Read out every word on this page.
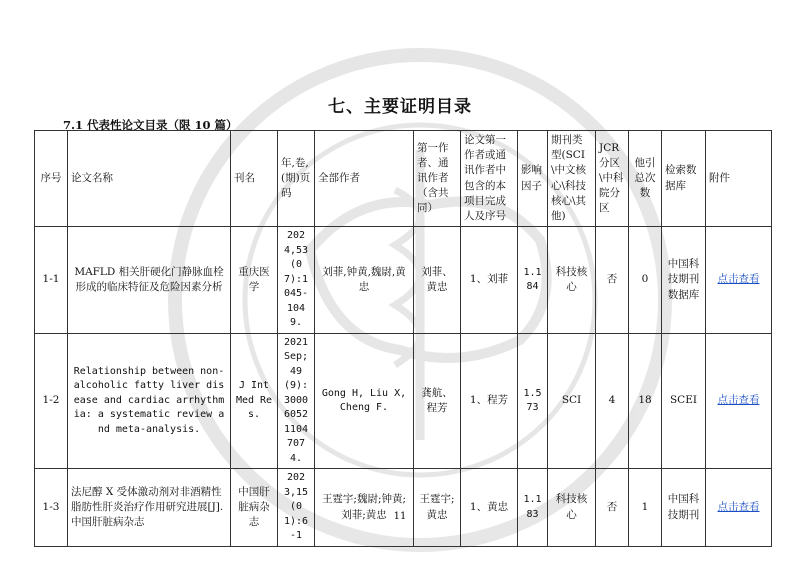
七、主要证明目录
7.1 代表性论文目录（限 10 篇）
序号	论文名称	刊名	年,卷,(期)页码	全部作者	第一作者、通讯作者（含共同）	论文第一作者或通讯作者中包含的本项目完成人及序号	影响因子	期刊类型(SCI\中文核心\科技核心\其他)	JCR分区\中科院分区	他引总次数	检索数据库	附件
1-1	MAFLD 相关肝硬化门静脉血栓形成的临床特征及危险因素分析	重庆医学	2024,53(07):1045-1049.	刘菲,钟黄,魏尉,黄忠	刘菲、黄忠	1、刘菲	1.184	科技核心	否	0	中国科技期刊数据库	点击查看
1-2	Relationship between non-alcoholic fatty liver disease and cardiac arrhythmia: a systematic review and meta-analysis.	J Int Med Res.	2021 Sep;49(9):300060521104707 4.	Gong H, Liu X, Cheng F.	龚航、程芳	1、程芳	1.573	SCI	4	18	SCEI	点击查看
1-3	法尼醇 X 受体激动剂对非酒精性脂肪性肝炎治疗作用研究进展[J].中国肝脏病杂志	中国肝脏病杂志	2023,15(01):6-1	王霆宇;魏尉;钟黄;刘菲;黄忠	王霆宇;黄忠	1、黄忠	1.183	科技核心	否	1	中国科技期刊	点击查看
11
